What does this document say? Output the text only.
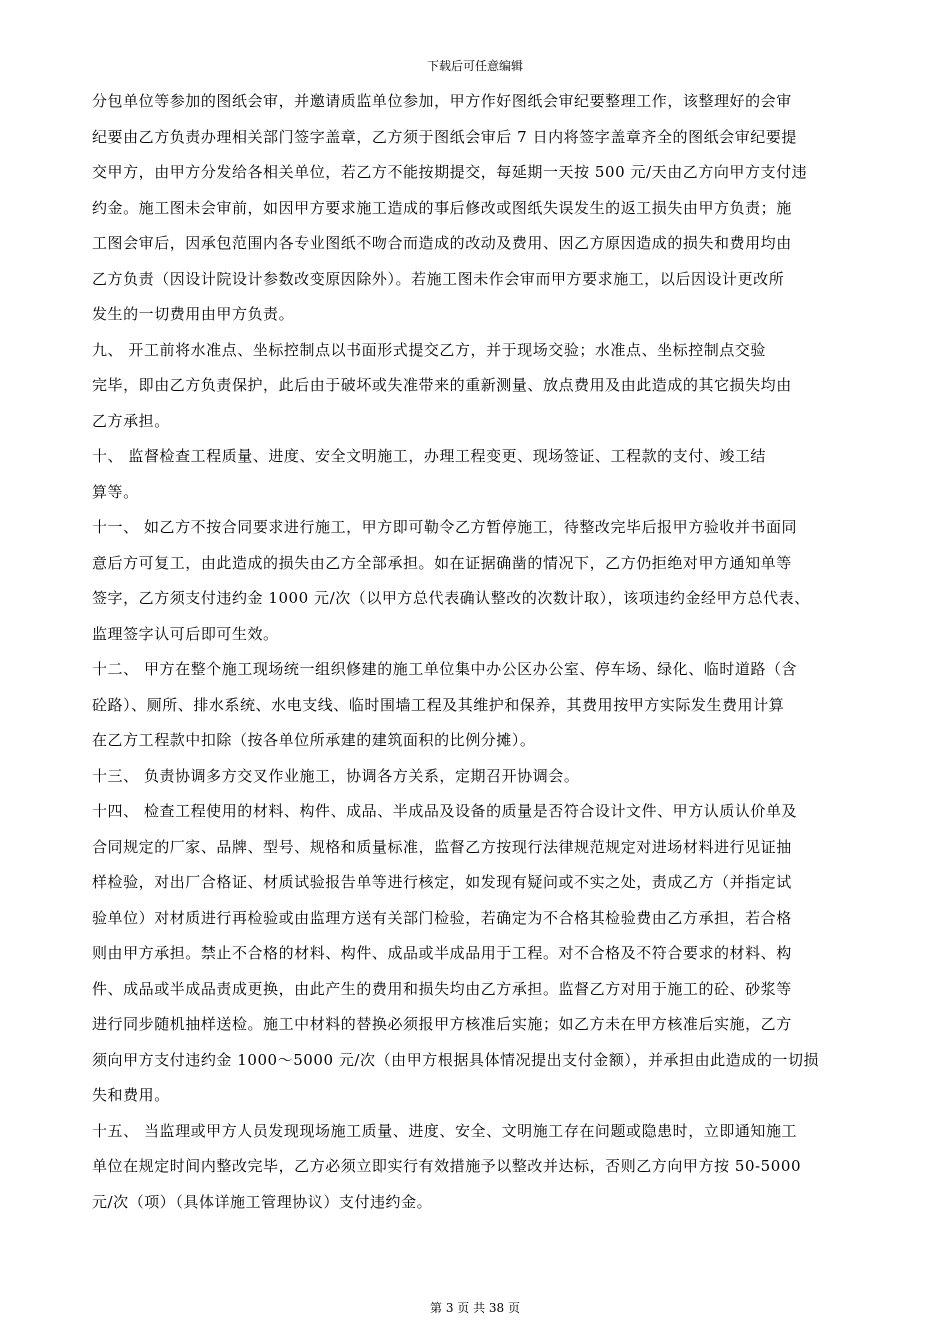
下载后可任意编辑
分包单位等参加的图纸会审，并邀请质监单位参加，甲方作好图纸会审纪要整理工作，该整理好的会审
纪要由乙方负责办理相关部门签字盖章，乙方须于图纸会审后 7 日内将签字盖章齐全的图纸会审纪要提
交甲方，由甲方分发给各相关单位，若乙方不能按期提交，每延期一天按 500 元/天由乙方向甲方支付违
约金。施工图未会审前，如因甲方要求施工造成的事后修改或图纸失误发生的返工损失由甲方负责；施
工图会审后，因承包范围内各专业图纸不吻合而造成的改动及费用、因乙方原因造成的损失和费用均由
乙方负责（因设计院设计参数改变原因除外）。若施工图未作会审而甲方要求施工，以后因设计更改所
发生的一切费用由甲方负责。
九、 开工前将水准点、坐标控制点以书面形式提交乙方，并于现场交验；水准点、坐标控制点交验
完毕，即由乙方负责保护，此后由于破坏或失准带来的重新测量、放点费用及由此造成的其它损失均由
乙方承担。
十、 监督检查工程质量、进度、安全文明施工，办理工程变更、现场签证、工程款的支付、竣工结
算等。
十一、 如乙方不按合同要求进行施工，甲方即可勒令乙方暂停施工，待整改完毕后报甲方验收并书面同
意后方可复工，由此造成的损失由乙方全部承担。如在证据确凿的情况下，乙方仍拒绝对甲方通知单等
签字，乙方须支付违约金 1000 元/次（以甲方总代表确认整改的次数计取），该项违约金经甲方总代表、
监理签字认可后即可生效。
十二、 甲方在整个施工现场统一组织修建的施工单位集中办公区办公室、停车场、绿化、临时道路（含
砼路）、厕所、排水系统、水电支线、临时围墙工程及其维护和保养，其费用按甲方实际发生费用计算
在乙方工程款中扣除（按各单位所承建的建筑面积的比例分摊）。
十三、 负责协调多方交叉作业施工，协调各方关系，定期召开协调会。
十四、 检查工程使用的材料、构件、成品、半成品及设备的质量是否符合设计文件、甲方认质认价单及
合同规定的厂家、品牌、型号、规格和质量标准，监督乙方按现行法律规范规定对进场材料进行见证抽
样检验，对出厂合格证、材质试验报告单等进行核定，如发现有疑问或不实之处，责成乙方（并指定试
验单位）对材质进行再检验或由监理方送有关部门检验，若确定为不合格其检验费由乙方承担，若合格
则由甲方承担。禁止不合格的材料、构件、成品或半成品用于工程。对不合格及不符合要求的材料、构
件、成品或半成品责成更换，由此产生的费用和损失均由乙方承担。监督乙方对用于施工的砼、砂浆等
进行同步随机抽样送检。施工中材料的替换必须报甲方核准后实施；如乙方未在甲方核准后实施，乙方
须向甲方支付违约金 1000～5000 元/次（由甲方根据具体情况提出支付金额），并承担由此造成的一切损
失和费用。
十五、 当监理或甲方人员发现现场施工质量、进度、安全、文明施工存在问题或隐患时，立即通知施工
单位在规定时间内整改完毕，乙方必须立即实行有效措施予以整改并达标，否则乙方向甲方按 50-5000
元/次（项）（具体详施工管理协议）支付违约金。
第 3 页 共 38 页
